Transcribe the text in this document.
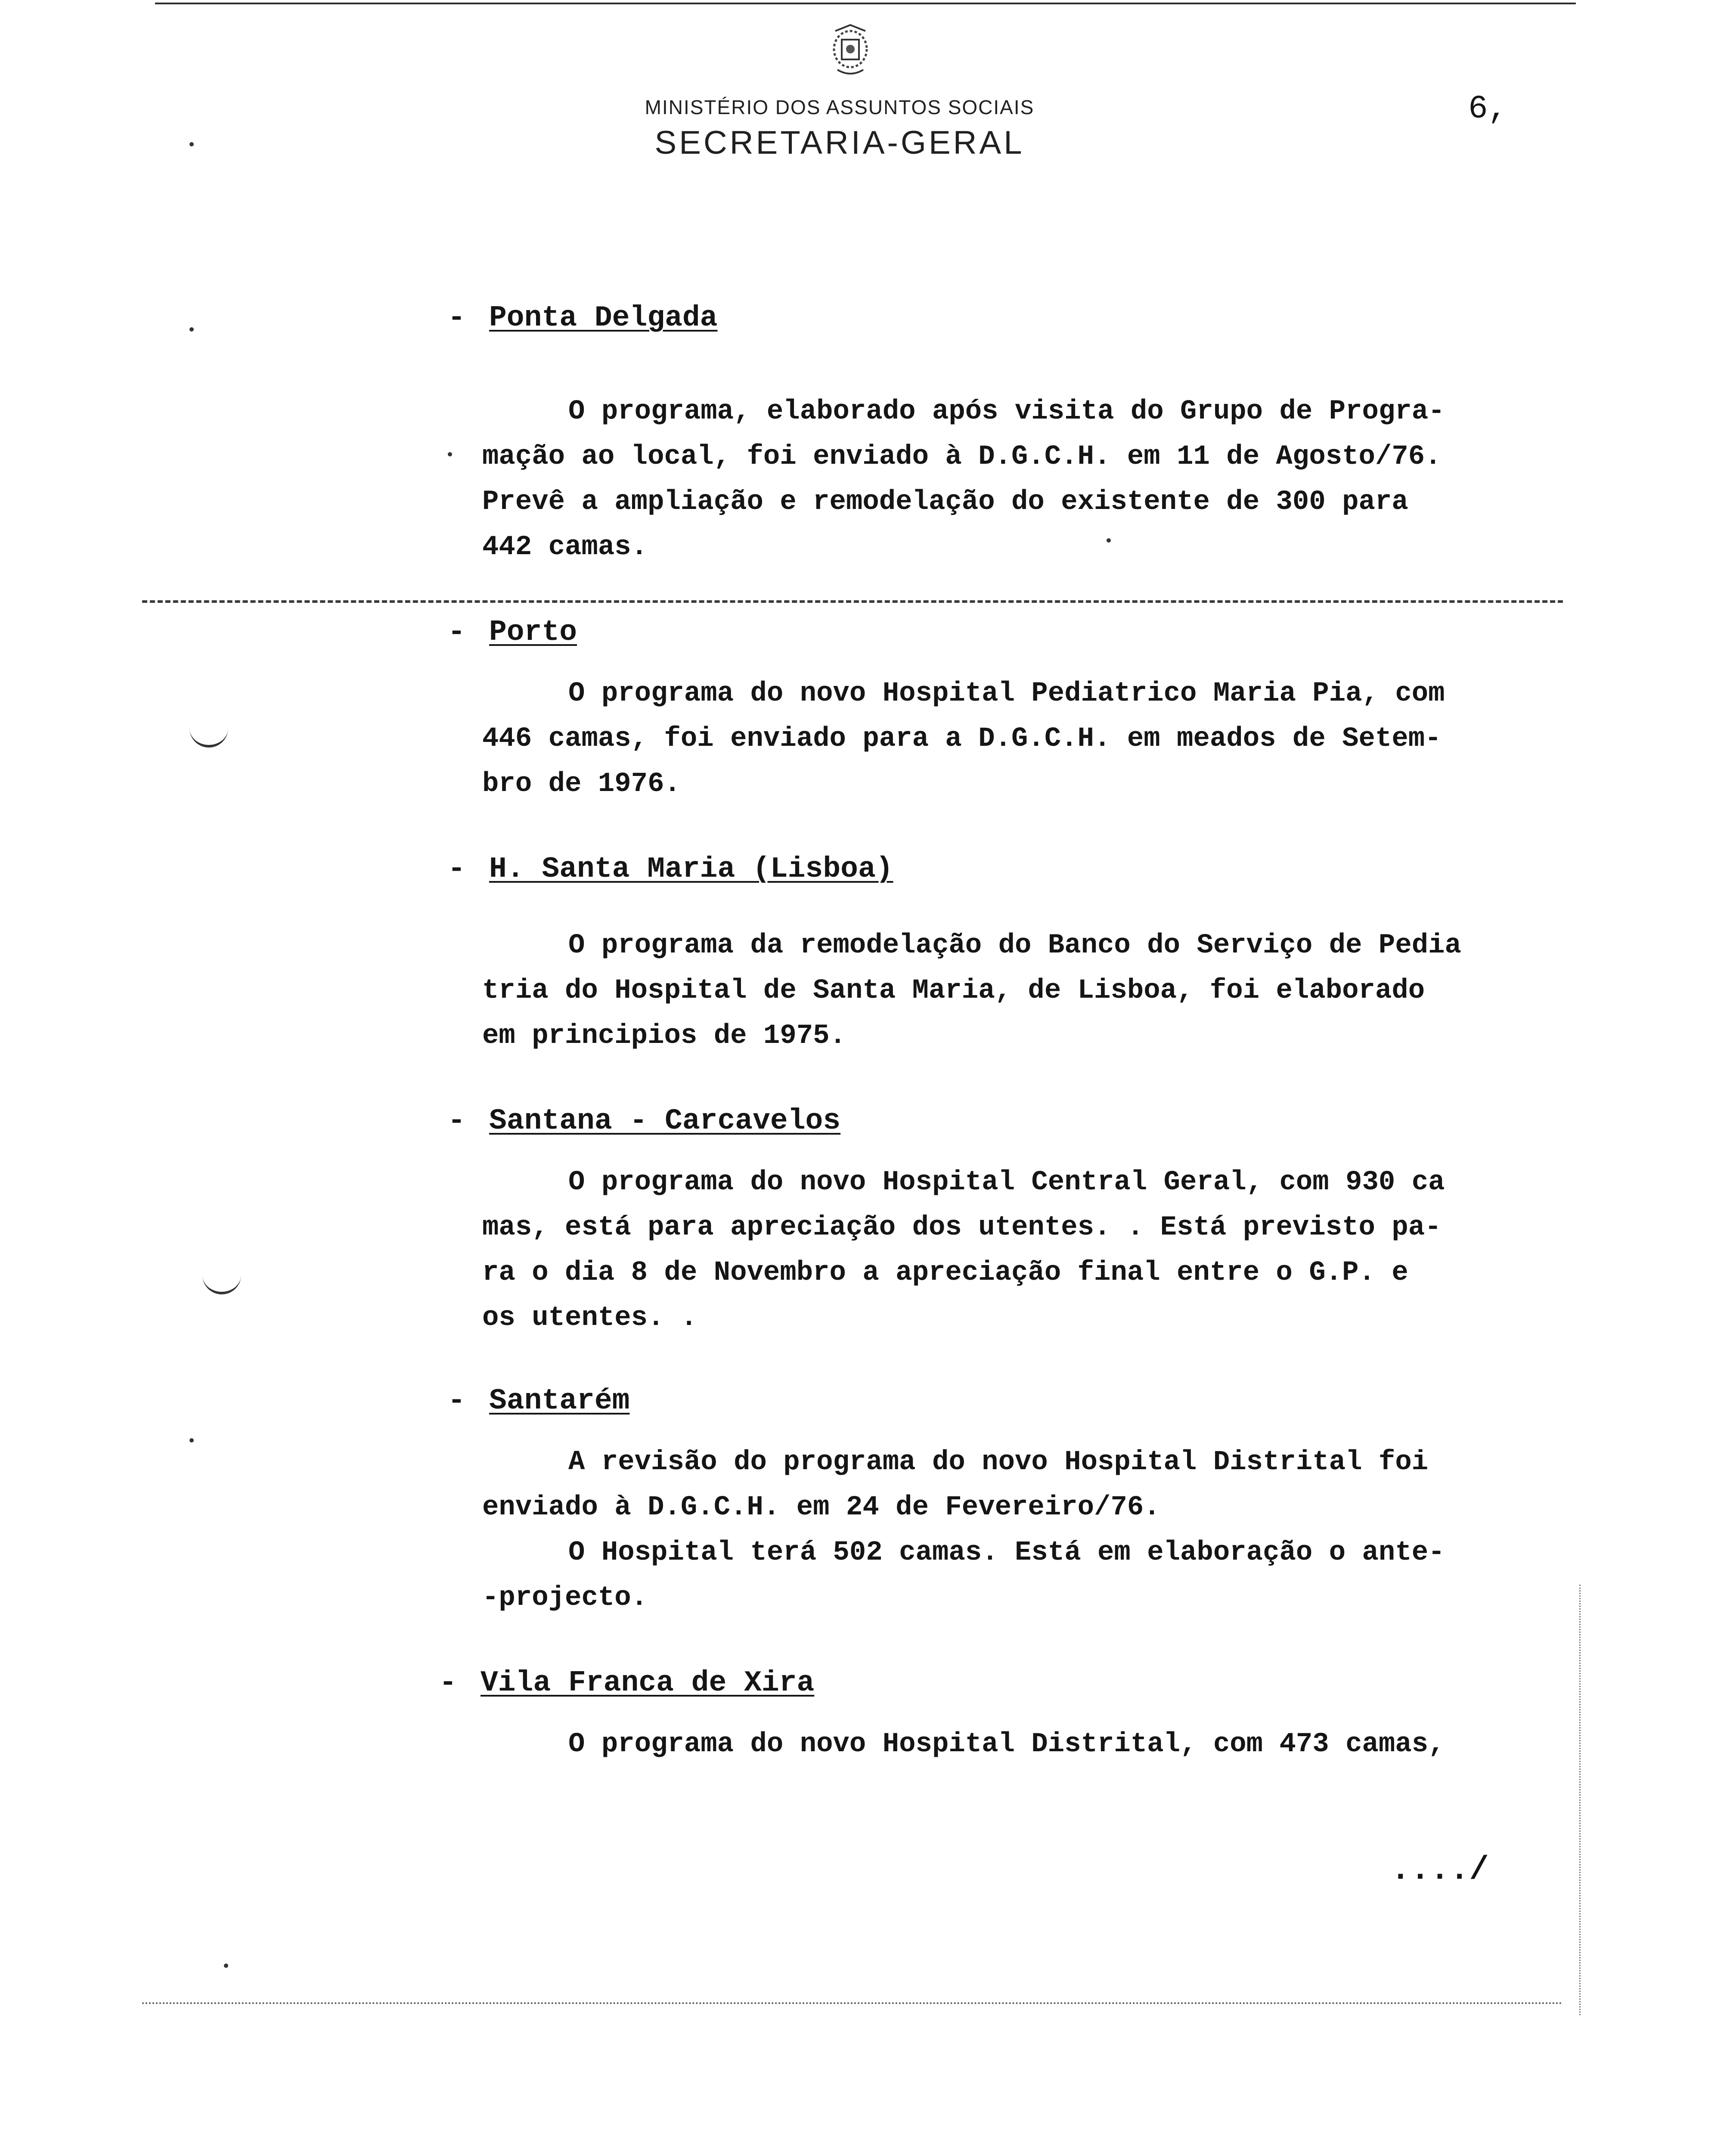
MINISTÉRIO DOS ASSUNTOS SOCIAIS
SECRETARIA-GERAL
6,
- Ponta Delgada
O programa, elaborado após visita do Grupo de Progra-
mação ao local, foi enviado à D.G.C.H. em 11 de Agosto/76.
Prevê a ampliação e remodelação do existente de 300 para
442 camas.
- Porto
O programa do novo Hospital Pediatrico Maria Pia, com
446 camas, foi enviado para a D.G.C.H. em meados de Setem-
bro de 1976.
- H. Santa Maria (Lisboa)
O programa da remodelação do Banco do Serviço de Pedia
tria do Hospital de Santa Maria, de Lisboa, foi elaborado
em principios de 1975.
- Santana - Carcavelos
O programa do novo Hospital Central Geral, com 930 ca
mas, está para apreciação dos utentes. . Está previsto pa-
ra o dia 8 de Novembro a apreciação final entre o G.P. e
os utentes. .
- Santarém
A revisão do programa do novo Hospital Distrital foi
enviado à D.G.C.H. em 24 de Fevereiro/76.
O Hospital terá 502 camas. Está em elaboração o ante-
-projecto.
- Vila Franca de Xira
O programa do novo Hospital Distrital, com 473 camas,
..../
